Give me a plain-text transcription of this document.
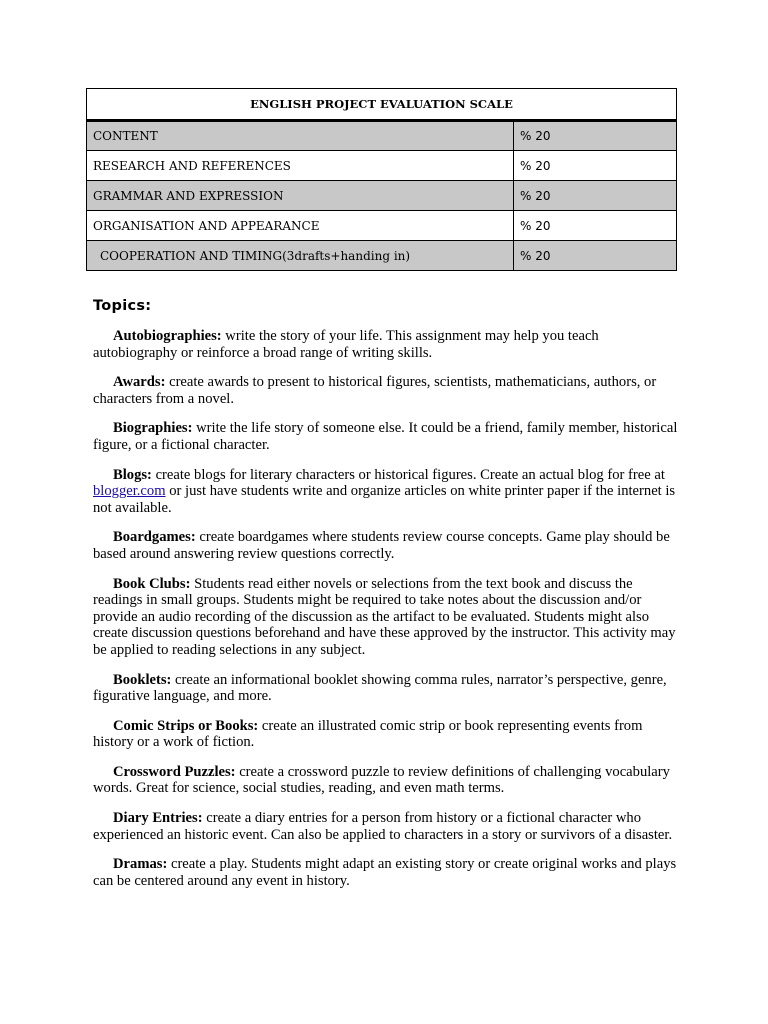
ENGLISH PROJECT EVALUATION SCALE	
CONTENT	% 20
RESEARCH AND REFERENCES	% 20
GRAMMAR AND EXPRESSION	% 20
ORGANISATION AND APPEARANCE	% 20
COOPERATION AND TIMING(3drafts+handing in)	% 20
Topics:

Autobiographies: write the story of your life. This assignment may help you teach autobiography or reinforce a broad range of writing skills.

Awards: create awards to present to historical figures, scientists, mathematicians, authors, or characters from a novel.

Biographies: write the life story of someone else. It could be a friend, family member, historical figure, or a fictional character.

Blogs: create blogs for literary characters or historical figures. Create an actual blog for free at blogger.com or just have students write and organize articles on white printer paper if the internet is not available.

Boardgames: create boardgames where students review course concepts. Game play should be based around answering review questions correctly.

Book Clubs: Students read either novels or selections from the text book and discuss the readings in small groups. Students might be required to take notes about the discussion and/or provide an audio recording of the discussion as the artifact to be evaluated. Students might also create discussion questions beforehand and have these approved by the instructor. This activity may be applied to reading selections in any subject.

Booklets: create an informational booklet showing comma rules, narrator’s perspective, genre, figurative language, and more.

Comic Strips or Books: create an illustrated comic strip or book representing events from history or a work of fiction.

Crossword Puzzles: create a crossword puzzle to review definitions of challenging vocabulary words. Great for science, social studies, reading, and even math terms.

Diary Entries: create a diary entries for a person from history or a fictional character who experienced an historic event. Can also be applied to characters in a story or survivors of a disaster.

Dramas: create a play. Students might adapt an existing story or create original works and plays can be centered around any event in history.
